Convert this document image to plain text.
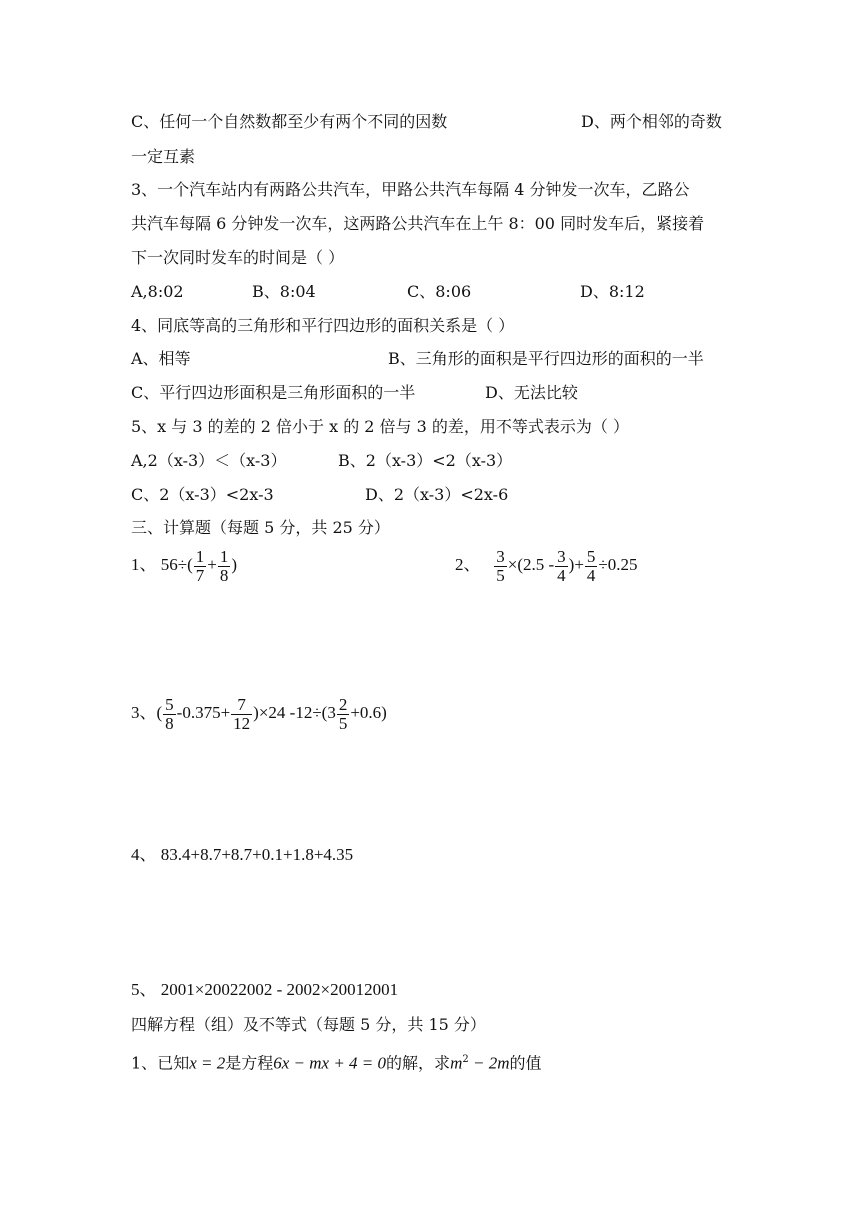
C、任何一个自然数都至少有两个不同的因数	D、两个相邻的奇数
一定互素
3、一个汽车站内有两路公共汽车，甲路公共汽车每隔 4 分钟发一次车，乙路公
共汽车每隔 6 分钟发一次车，这两路公共汽车在上午 8：00 同时发车后，紧接着
下一次同时发车的时间是（ ）
A,8:02	B、8:04	C、8:06	D、8:12
4、同底等高的三角形和平行四边形的面积关系是（ ）
A、相等	B、三角形的面积是平行四边形的面积的一半
C、平行四边形面积是三角形面积的一半	D、无法比较
5、x 与 3 的差的 2 倍小于 x 的 2 倍与 3 的差，用不等式表示为（ ）
A,2（x-3）＜（x-3）	B、2（x-3）<2（x-3）
C、2（x-3）<2x-3	D、2（x-3）<2x-6
三、计算题（每题 5 分，共 25 分）
1、 $56\div( \frac{1}{7} + \frac{1}{8}$ )	2、 $\frac{3}{5} \times(2.5 - \frac{3}{4}$ )+ $\frac{5}{4} \div 0.25$
3、( $\frac{5}{8} -0.375+ \frac{7}{12} )\times 24$ $-12\div(3 \frac{2}{5} +0.6)$
4、 83.4+8.7+8.7+0.1+1.8+4.35
5、 2001×20022002 - 2002×20012001
四解方程（组）及不等式（每题 5 分，共 15 分）
1、已知x = 2是方程6x − mx + 4 = 0的解，求$m^2 - 2m$的值
